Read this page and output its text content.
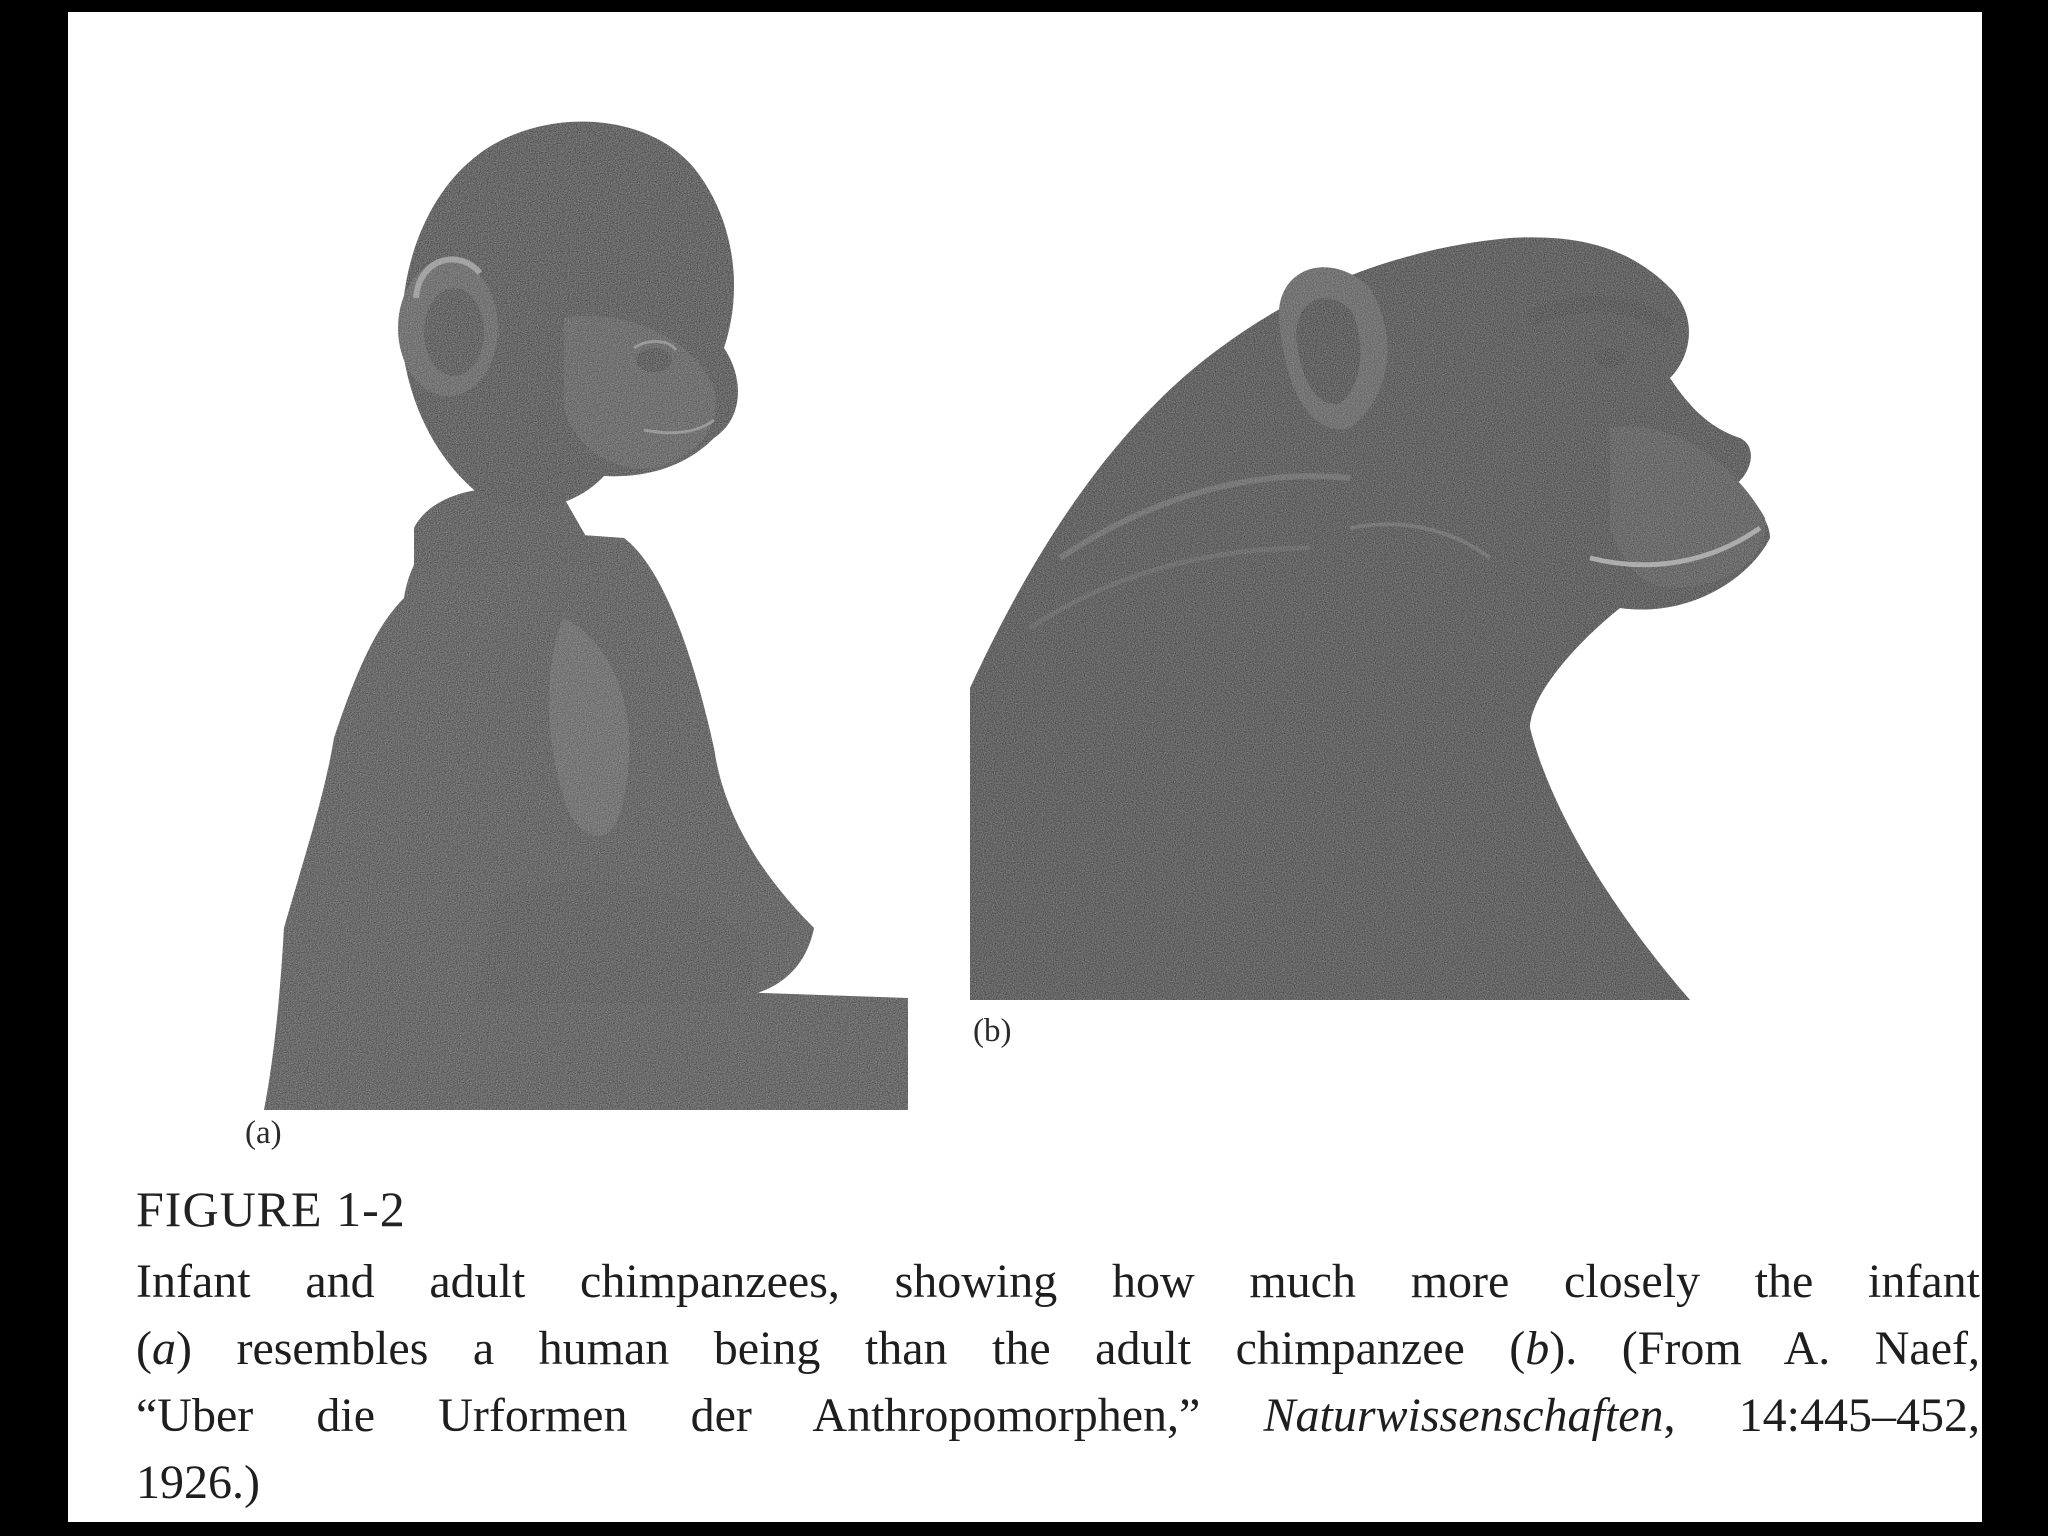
(a)
(b)
FIGURE 1-2
Infant and adult chimpanzees, showing how much more closely the infant
(a) resembles a human being than the adult chimpanzee (b). (From A. Naef,
“Uber die Urformen der Anthropomorphen,” Naturwissenschaften, 14:445–452,
1926.)
